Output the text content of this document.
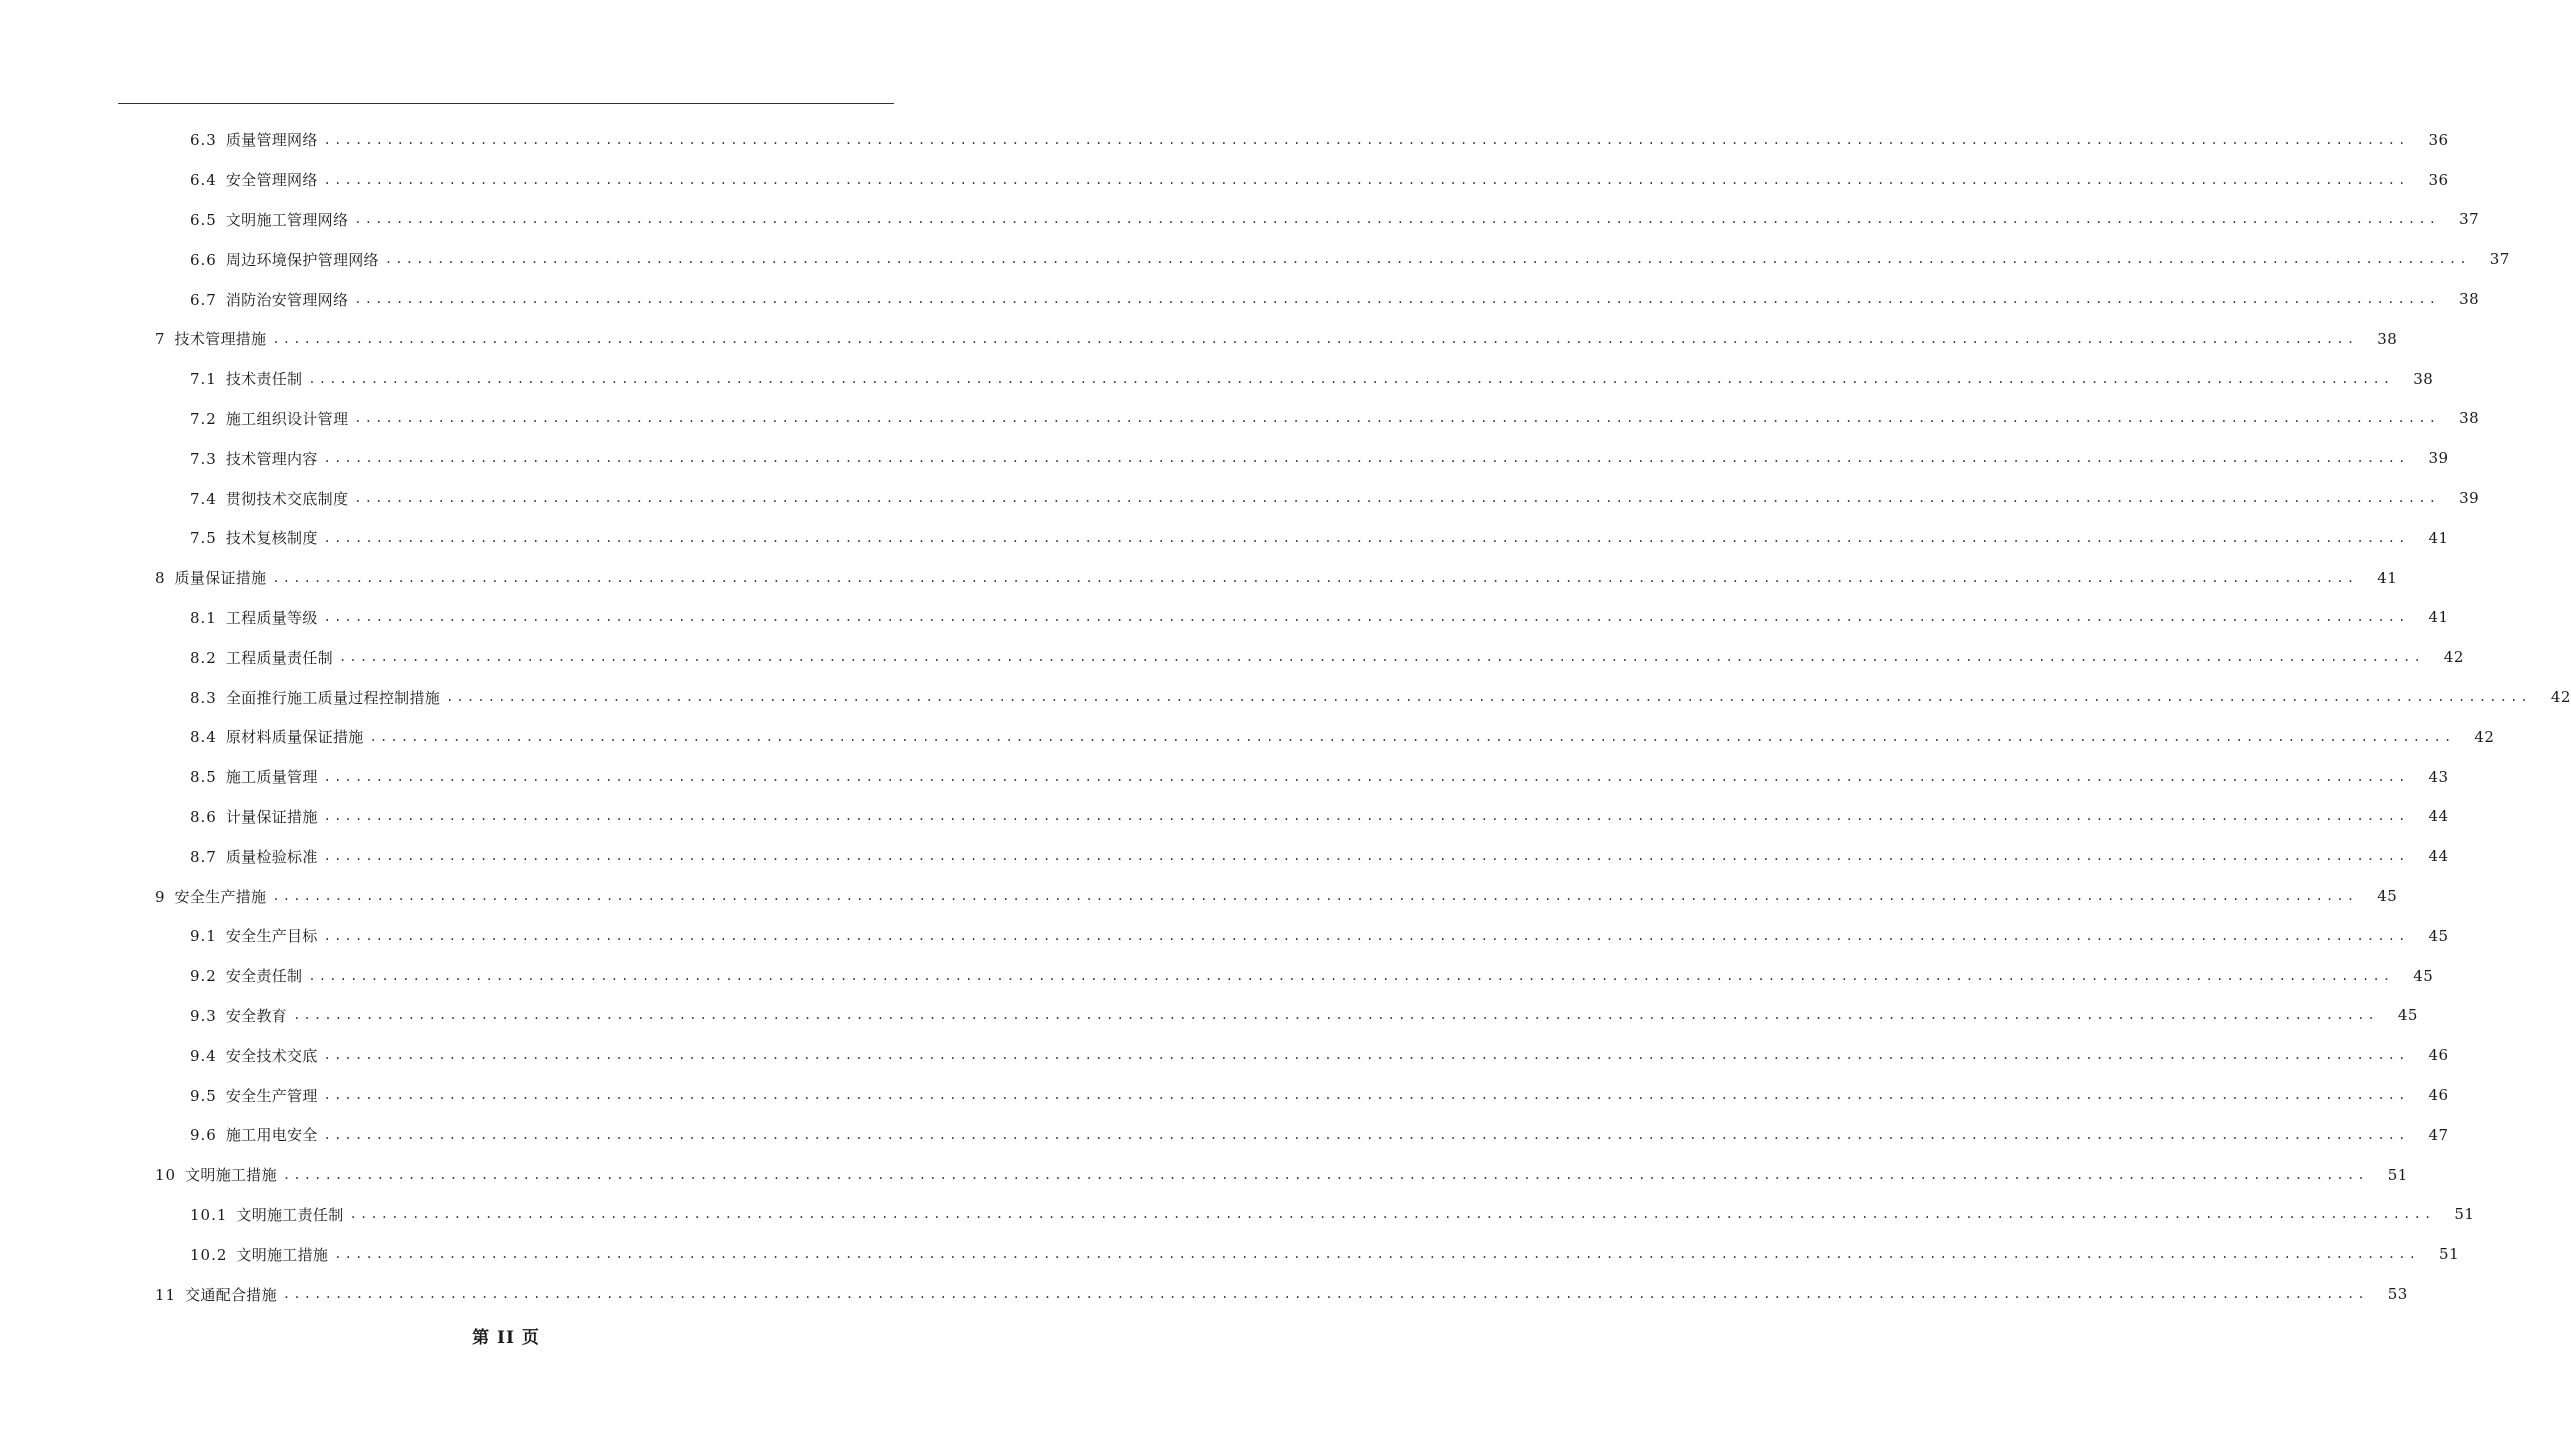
6.3 质量管理网络 ........................................................................................................................................................................................................	36
6.4 安全管理网络 ........................................................................................................................................................................................................	36
6.5 文明施工管理网络 ........................................................................................................................................................................................................	37
6.6 周边环境保护管理网络 ........................................................................................................................................................................................................	37
6.7 消防治安管理网络 ........................................................................................................................................................................................................	38
7 技术管理措施 ........................................................................................................................................................................................................	38
7.1 技术责任制 ........................................................................................................................................................................................................	38
7.2 施工组织设计管理 ........................................................................................................................................................................................................	38
7.3 技术管理内容 ........................................................................................................................................................................................................	39
7.4 贯彻技术交底制度 ........................................................................................................................................................................................................	39
7.5 技术复核制度 ........................................................................................................................................................................................................	41
8 质量保证措施 ........................................................................................................................................................................................................	41
8.1 工程质量等级 ........................................................................................................................................................................................................	41
8.2 工程质量责任制 ........................................................................................................................................................................................................	42
8.3 全面推行施工质量过程控制措施 ........................................................................................................................................................................................................	42
8.4 原材料质量保证措施 ........................................................................................................................................................................................................	42
8.5 施工质量管理 ........................................................................................................................................................................................................	43
8.6 计量保证措施 ........................................................................................................................................................................................................	44
8.7 质量检验标准 ........................................................................................................................................................................................................	44
9 安全生产措施 ........................................................................................................................................................................................................	45
9.1 安全生产目标 ........................................................................................................................................................................................................	45
9.2 安全责任制 ........................................................................................................................................................................................................	45
9.3 安全教育 ........................................................................................................................................................................................................	45
9.4 安全技术交底 ........................................................................................................................................................................................................	46
9.5 安全生产管理 ........................................................................................................................................................................................................	46
9.6 施工用电安全 ........................................................................................................................................................................................................	47
10 文明施工措施 ........................................................................................................................................................................................................	51
10.1 文明施工责任制 ........................................................................................................................................................................................................	51
10.2 文明施工措施 ........................................................................................................................................................................................................	51
11 交通配合措施 ........................................................................................................................................................................................................	53
第 II 页
